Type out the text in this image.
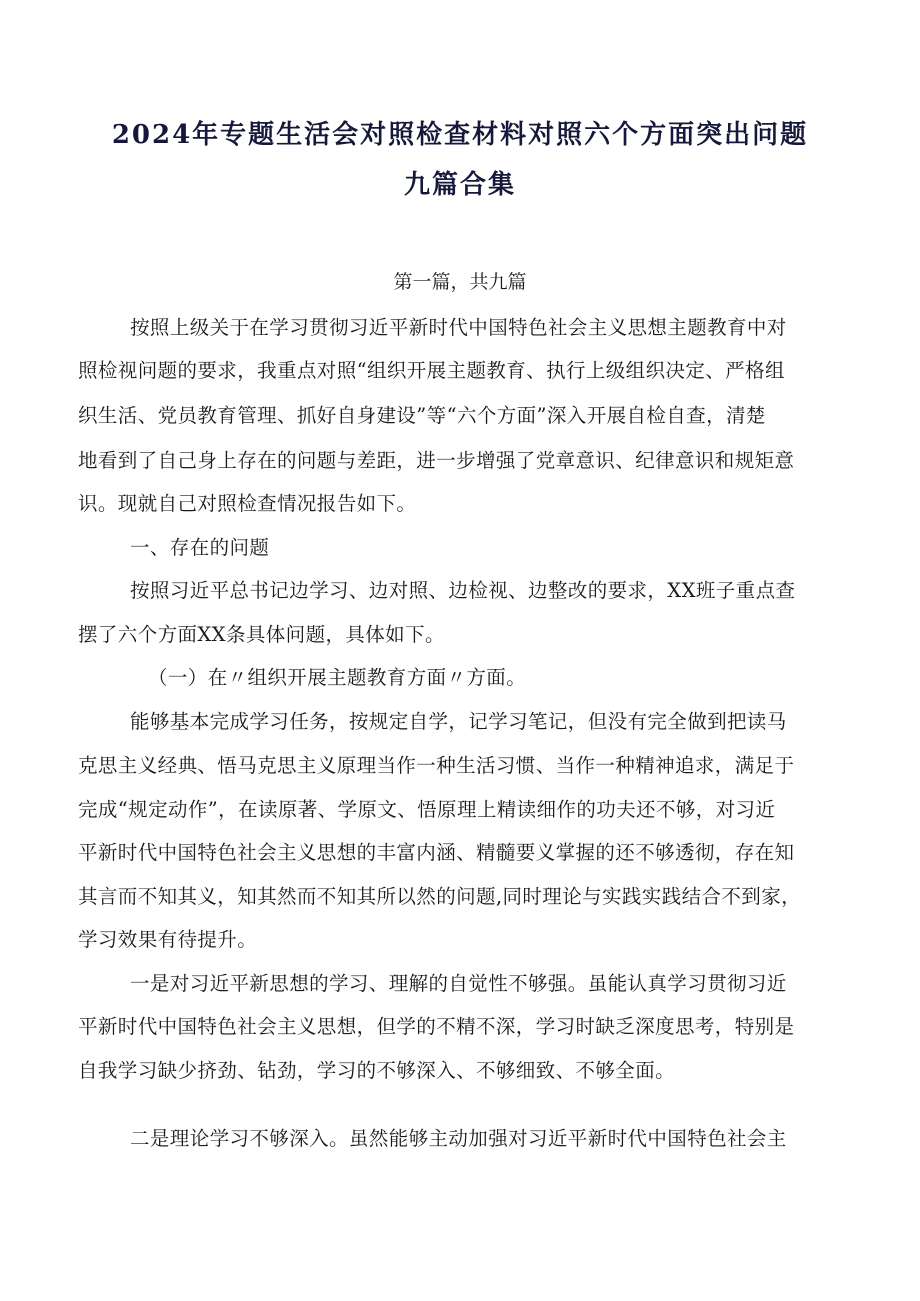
2024年专题生活会对照检查材料对照六个方面突出问题
九篇合集
第一篇，共九篇
按照上级关于在学习贯彻习近平新时代中国特色社会主义思想主题教育中对
照检视问题的要求，我重点对照“组织开展主题教育、执行上级组织决定、严格组
织生活、党员教育管理、抓好自身建设”等“六个方面”深入开展自检自查，清楚
地看到了自己身上存在的问题与差距，进一步增强了党章意识、纪律意识和规矩意
识。现就自己对照检查情况报告如下。
一、存在的问题
按照习近平总书记边学习、边对照、边检视、边整改的要求，XX班子重点查
摆了六个方面XX条具体问题，具体如下。
（一）在〃组织开展主题教育方面〃方面。
能够基本完成学习任务，按规定自学，记学习笔记，但没有完全做到把读马
克思主义经典、悟马克思主义原理当作一种生活习惯、当作一种精神追求，满足于
完成“规定动作”，在读原著、学原文、悟原理上精读细作的功夫还不够，对习近
平新时代中国特色社会主义思想的丰富内涵、精髓要义掌握的还不够透彻，存在知
其言而不知其义，知其然而不知其所以然的问题,同时理论与实践实践结合不到家，
学习效果有待提升。
一是对习近平新思想的学习、理解的自觉性不够强。虽能认真学习贯彻习近
平新时代中国特色社会主义思想，但学的不精不深，学习时缺乏深度思考，特别是
自我学习缺少挤劲、钻劲，学习的不够深入、不够细致、不够全面。
二是理论学习不够深入。虽然能够主动加强对习近平新时代中国特色社会主
